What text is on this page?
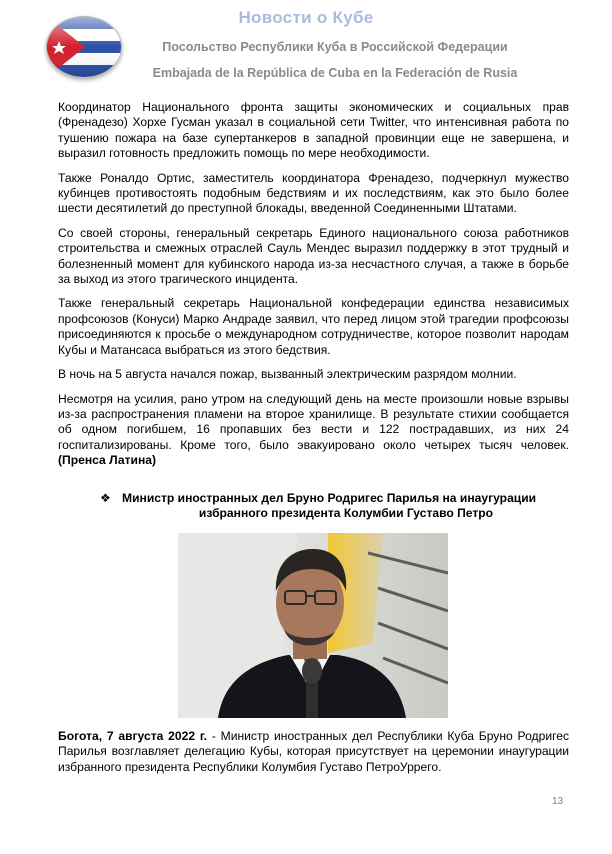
Новости о Кубе
Посольство Республики Куба в Российской Федерации
Embajada de la República de Cuba en la Federación de Rusia

Координатор Национального фронта защиты экономических и социальных прав (Френадезо) Хорхе Гусман указал в социальной сети Twitter, что интенсивная работа по тушению пожара на базе супертанкеров в западной провинции еще не завершена, и выразил готовность предложить помощь по мере необходимости.

Также Роналдо Ортис, заместитель координатора Френадезо, подчеркнул мужество кубинцев противостоять подобным бедствиям и их последствиям, как это было более шести десятилетий до преступной блокады, введенной Соединенными Штатами.

Со своей стороны, генеральный секретарь Единого национального союза работников строительства и смежных отраслей Сауль Мендес выразил поддержку в этот трудный и болезненный момент для кубинского народа из-за несчастного случая, а также в борьбе за выход из этого трагического инцидента.

Также генеральный секретарь Национальной конфедерации единства независимых профсоюзов (Конуси) Марко Андраде заявил, что перед лицом этой трагедии профсоюзы присоединяются к просьбе о международном сотрудничестве, которое позволит народам Кубы и Матансаса выбраться из этого бедствия.

В ночь на 5 августа начался пожар, вызванный электрическим разрядом молнии.

Несмотря на усилия, рано утром на следующий день на месте произошли новые взрывы из-за распространения пламени на второе хранилище. В результате стихии сообщается об одном погибшем, 16 пропавших без вести и 122 пострадавших, из них 24 госпитализированы. Кроме того, было эвакуировано около четырех тысяч человек. (Пренса Латина)

❖ Министр иностранных дел Бруно Родригес Парилья на инаугурации
избранного президента Колумбии Густаво Петро

Богота, 7 августа 2022 г. - Министр иностранных дел Республики Куба Бруно Родригес Парилья возглавляет делегацию Кубы, которая присутствует на церемонии инаугурации избранного президента Республики Колумбия Густаво ПетроУррего.

13
